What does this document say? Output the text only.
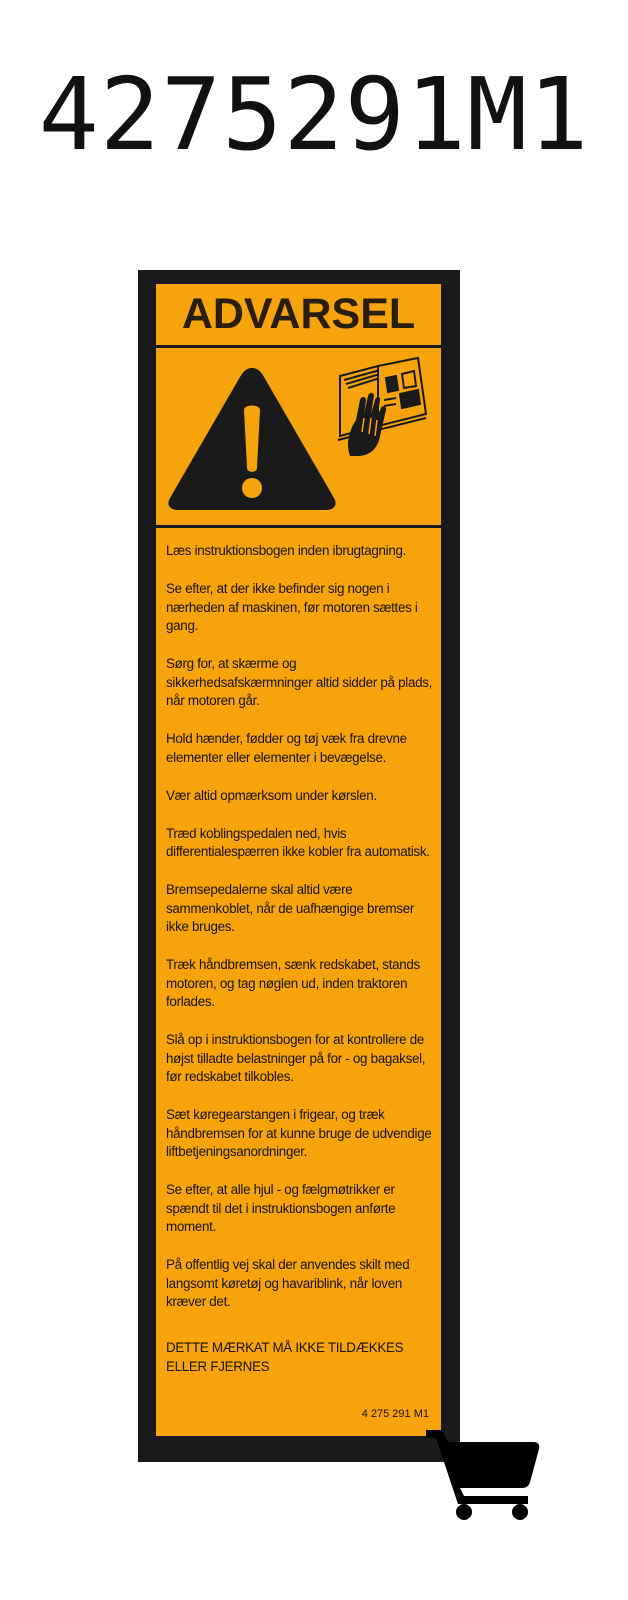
4275291M1
ADVARSEL

Læs instruktionsbogen inden ibrugtagning.

Se efter, at der ikke befinder sig nogen i nærheden af maskinen, før motoren sættes i gang.

Sørg for, at skærme og sikkerhedsafskærmninger altid sidder på plads, når motoren går.

Hold hænder, fødder og tøj væk fra drevne elementer eller elementer i bevægelse.

Vær altid opmærksom under kørslen.

Træd koblingspedalen ned, hvis differentialespærren ikke kobler fra automatisk.

Bremsepedalerne skal altid være sammenkoblet, når de uafhængige bremser ikke bruges.

Træk håndbremsen, sænk redskabet, stands motoren, og tag nøglen ud, inden traktoren forlades.

Slå op i instruktionsbogen for at kontrollere de højst tilladte belastninger på for - og bagaksel, før redskabet tilkobles.

Sæt køregearstangen i frigear, og træk håndbremsen for at kunne bruge de udvendige liftbetjeningsanordninger.

Se efter, at alle hjul - og fælgmøtrikker er spændt til det i instruktionsbogen anførte moment.

På offentlig vej skal der anvendes skilt med langsomt køretøj og havariblink, når loven kræver det.

DETTE MÆRKAT MÅ IKKE TILDÆKKES
ELLER FJERNES
4 275 291 M1
